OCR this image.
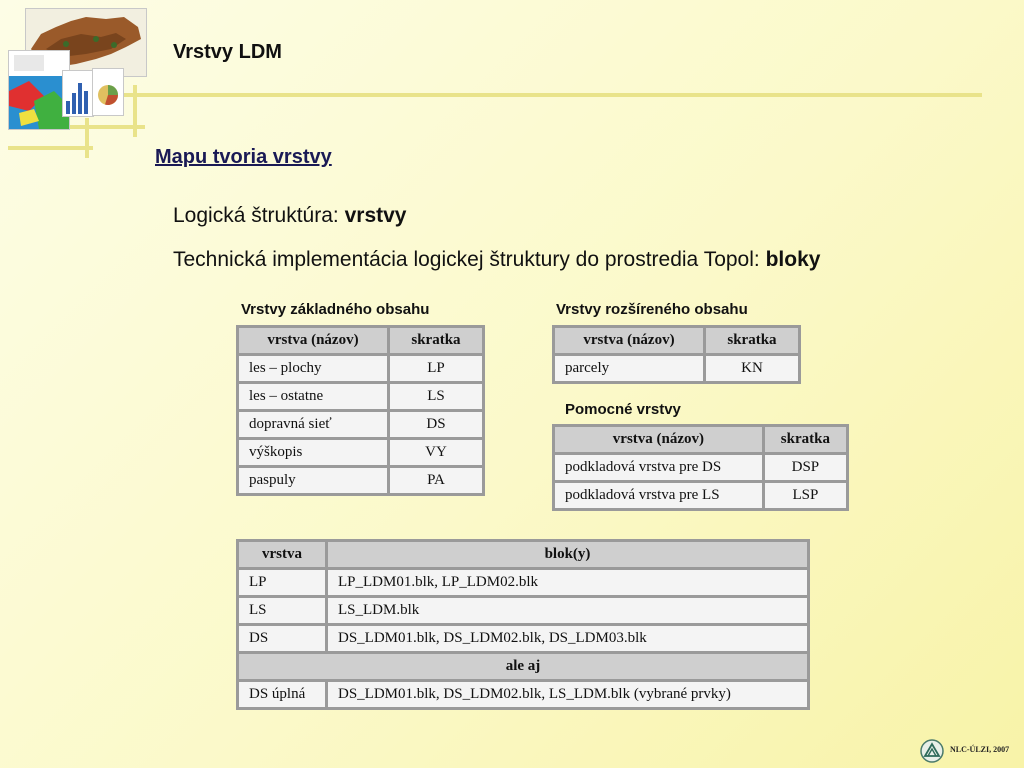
Vrstvy LDM
Mapu tvoria vrstvy
Logická štruktúra: vrstvy
Technická implementácia logickej štruktury do prostredia Topol: bloky
Vrstvy základného obsahu
vrstva (názov)	skratka
les – plochy	LP
les – ostatne	LS
dopravná sieť	DS
výškopis	VY
paspuly	PA
Vrstvy rozšíreného obsahu
vrstva (názov)	skratka
parcely	KN
Pomocné vrstvy
vrstva (názov)	skratka
podkladová vrstva pre DS	DSP
podkladová vrstva pre LS	LSP
vrstva	blok(y)
LP	LP_LDM01.blk, LP_LDM02.blk
LS	LS_LDM.blk
DS	DS_LDM01.blk, DS_LDM02.blk, DS_LDM03.blk
ale aj	
DS úplná	DS_LDM01.blk, DS_LDM02.blk, LS_LDM.blk (vybrané prvky)
NLC-ÚLZI, 2007
